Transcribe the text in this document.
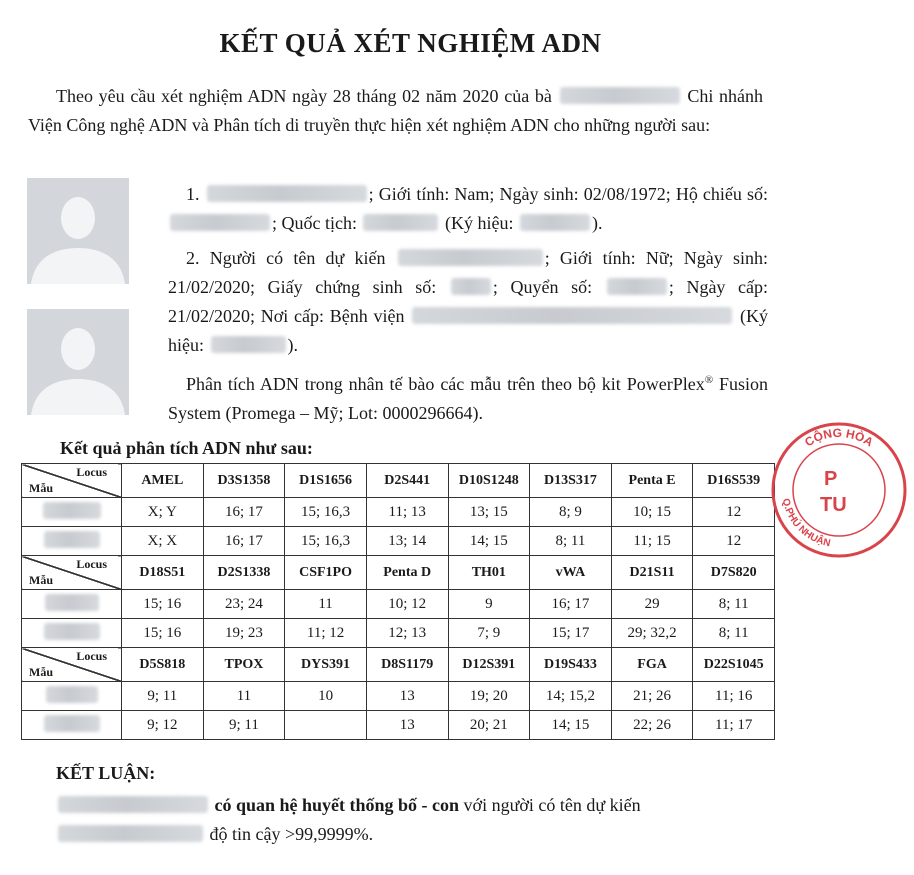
KẾT QUẢ XÉT NGHIỆM ADN
Theo yêu cầu xét nghiệm ADN ngày 28 tháng 02 năm 2020 của bà	Chi nhánh Viện Công nghệ ADN và Phân tích di truyền thực hiện xét nghiệm ADN cho những người sau:

1.	; Giới tính: Nam; Ngày sinh: 02/08/1972; Hộ chiếu số: ; Quốc tịch:	(Ký hiệu:	).

2. Người có tên dự kiến	; Giới tính: Nữ; Ngày sinh: 21/02/2020; Giấy chứng sinh số:	; Quyển số:	; Ngày cấp: 21/02/2020; Nơi cấp: Bệnh viện	(Ký hiệu:	).

Phân tích ADN trong nhân tế bào các mẫu trên theo bộ kit PowerPlex® Fusion System (Promega – Mỹ; Lot: 0000296664).

Kết quả phân tích ADN như sau:
Locus
Mẫu	AMEL	D3S1358	D1S1656	D2S441	D10S1248	D13S317	Penta E	D16S539
	X; Y	16; 17	15; 16,3	11; 13	13; 15	8; 9	10; 15	12
	X; X	16; 17	15; 16,3	13; 14	14; 15	8; 11	11; 15	12

Locus
Mẫu	D18S51	D2S1338	CSF1PO	Penta D	TH01	vWA	D21S11	D7S820
	15; 16	23; 24	11	10; 12	9	16; 17	29	8; 11
	15; 16	19; 23	11; 12	12; 13	7; 9	15; 17	29; 32,2	8; 11

Locus
Mẫu	D5S818	TPOX	DYS391	D8S1179	D12S391	D19S433	FGA	D22S1045
	9; 11	11	10	13	19; 20	14; 15,2	21; 26	11; 16
	9; 12	9; 11		13	20; 21	14; 15	22; 26	11; 17
KẾT LUẬN:
có quan hệ huyết thống bố - con với người có tên dự kiến
độ tin cậy >99,9999%.
CỘNG HÒA
Q.PHÚ NHUẬN
P
TU
